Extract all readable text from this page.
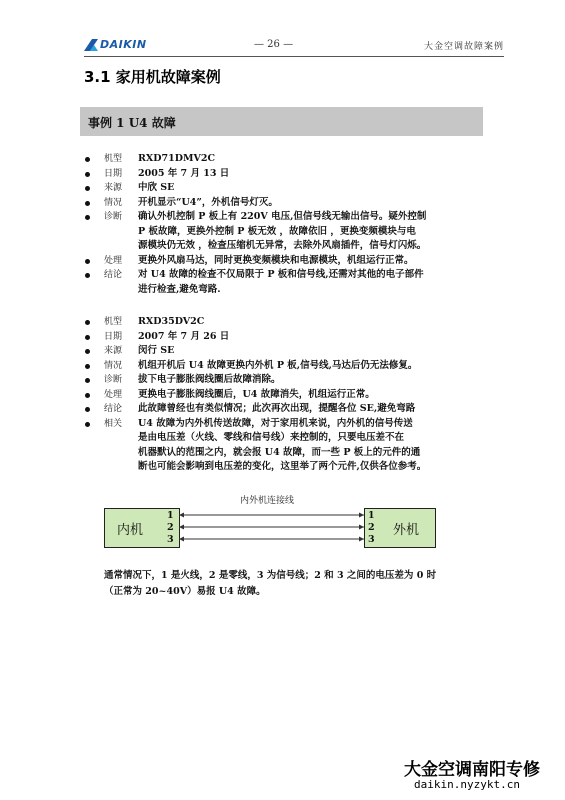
DAIKIN	— 26 —	大金空调故障案例
3.1 家用机故障案例
事例 1 U4 故障
机型	RXD71DMV2C
日期	2005 年 7 月 13 日
来源	中欣 SE
情况	开机显示“U4”，外机信号灯灭。
诊断	确认外机控制 P 板上有 220V 电压,但信号线无输出信号。疑外控制
P 板故障，更换外控制 P 板无效 ，故障依旧 ，更换变频模块与电
源模块仍无效 ，检查压缩机无异常，去除外风扇插件，信号灯闪烁。
处理	更换外风扇马达，同时更换变频模块和电源模块，机组运行正常。
结论	对 U4 故障的检查不仅局限于 P 板和信号线,还需对其他的电子部件
进行检查,避免弯路.
机型	RXD35DV2C
日期	2007 年 7 月 26 日
来源	闵行 SE
情况	机组开机后 U4 故障更换内外机 P 板,信号线,马达后仍无法修复。
诊断	拔下电子膨胀阀线圈后故障消除。
处理	更换电子膨胀阀线圈后，U4 故障消失，机组运行正常。
结论	此故障曾经也有类似情况；此次再次出现，提醒各位 SE,避免弯路
相关	U4 故障为内外机传送故障，对于家用机来说，内外机的信号传送
是由电压差（火线、零线和信号线）来控制的，只要电压差不在
机器默认的范围之内，就会报 U4 故障，而一些 P 板上的元件的通
断也可能会影响到电压差的变化，这里举了两个元件,仅供各位参考。
内外机连接线
内机
1
2
3
1
2
3
外机
通常情况下，1 是火线，2 是零线，3 为信号线；2 和 3 之间的电压差为 0 时
（正常为 20~40V）易报 U4 故障。
大金空调南阳专修
daikin.nyzykt.cn
